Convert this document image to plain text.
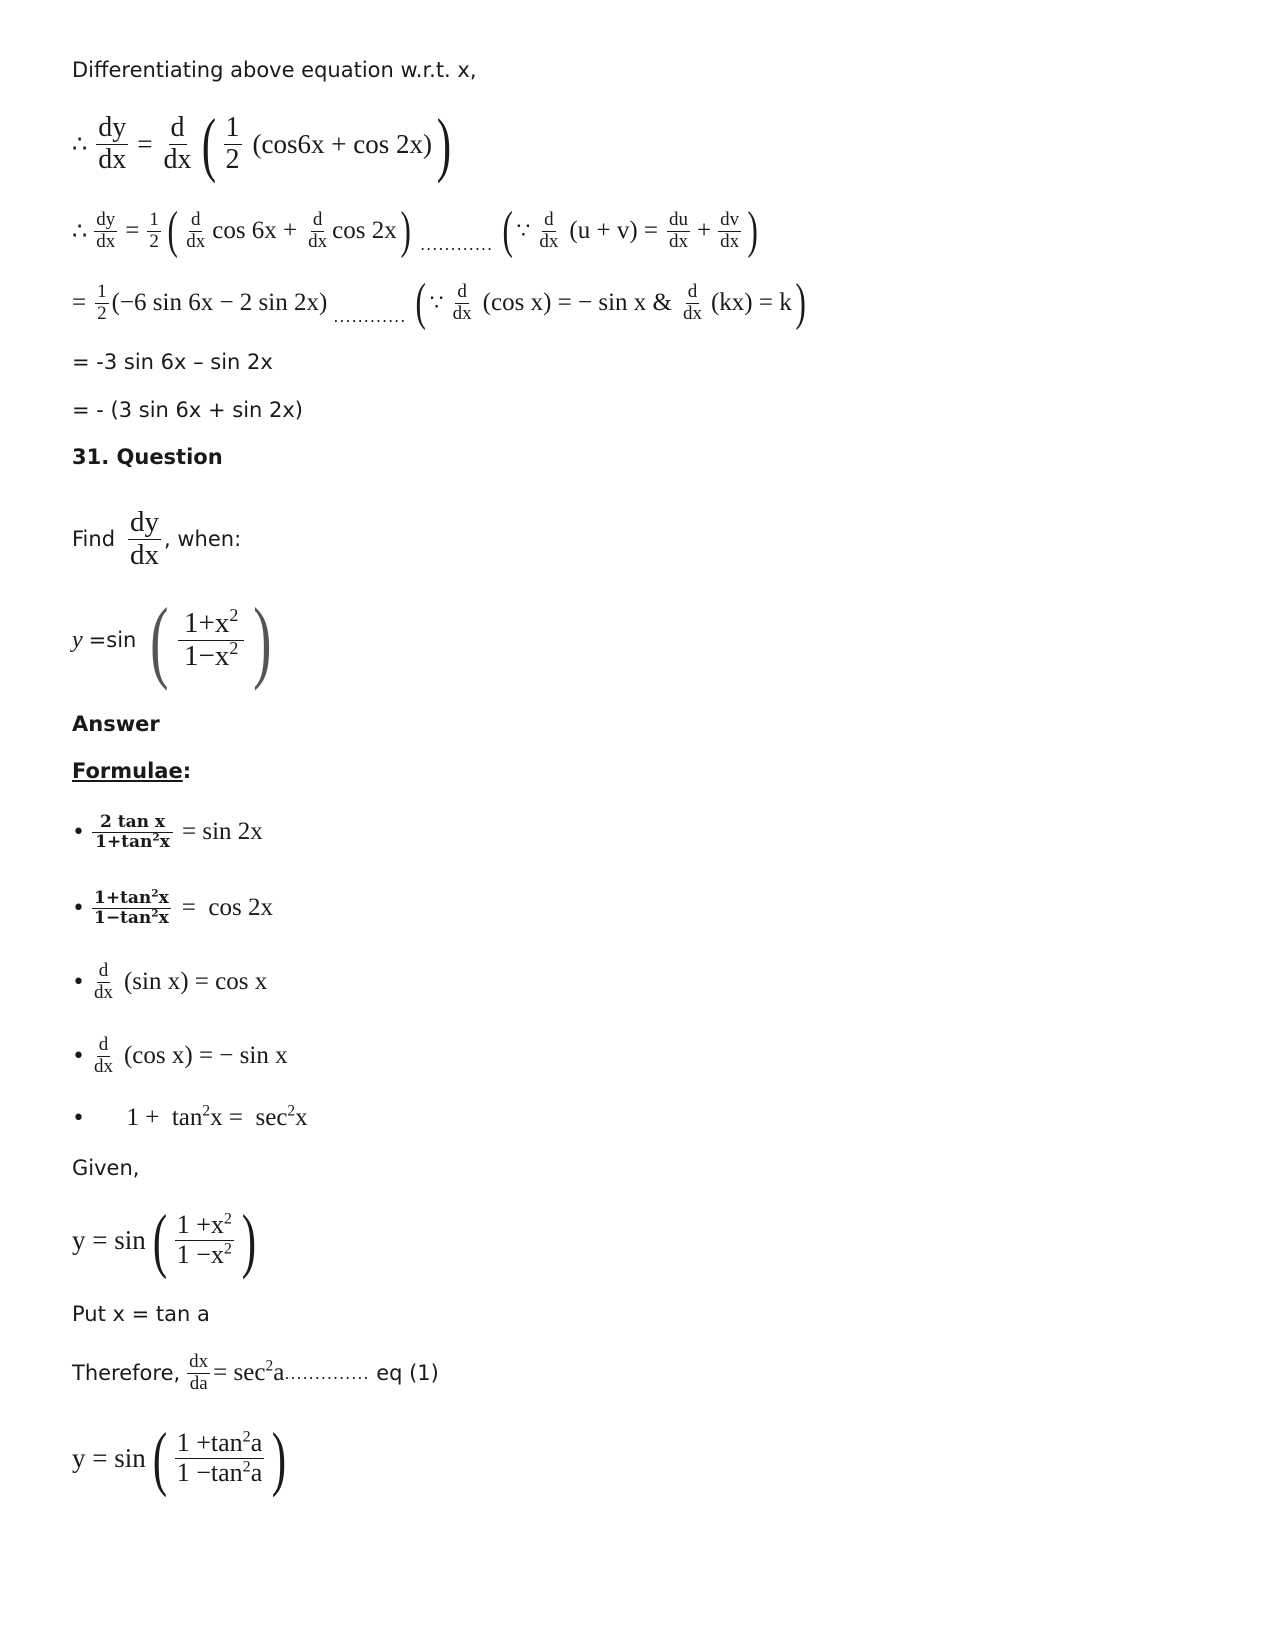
Differentiating above equation w.r.t. x,
∴ $\frac{dy}{dx} = \frac{d}{dx}$ ( $\frac{1}{2} (\cos 6x + \cos 2x)$ )
∴ $\frac{dy}{dx} = \frac{1}{2}$ ( $\frac{d}{dx}$ $\cos 6x + \frac{d}{dx}$ cos 2x ) ............ ( ∵ $\frac{d}{dx} (u + v) = \frac{du}{dx} + \frac{dv}{dx}$ )
= $\frac{1}{2} (-6$ sin 6x − 2 sin 2x)
............ ( ∵ $\frac{d}{dx} (\cos$ x) = − sin x & $\frac{d}{dx} (kx) = k$ )
= -3 sin 6x – sin 2x
= - (3 sin 6x + sin 2x)
31. Question
Find $\frac{dy}{dx}$ , when:
y =sin ( $\frac{1+x^2}{1-x^2}$ )
Answer
Formulae :
• $\frac{\text{2 tan x}}{1+\tan^2x} = \sin 2x$
• $\frac{1+\tan^2x}{1-\tan^2x} = \cos 2x$
• $\frac{d}{dx} (\sin$ x) = cos x
• $\frac{d}{dx} (\cos$ x) = − sin x
•	$1 + \tan^2x = \sec^2x$

Given,
y = sin ( $\frac{1 +x^2}{1 -x^2}$ )
Put x = tan a
Therefore, $\frac{dx}{da} = \sec^2a$ .............. eq (1)
y = sin ( $\frac{1 +\tan^2a}{1 -\tan^2a}$ )
